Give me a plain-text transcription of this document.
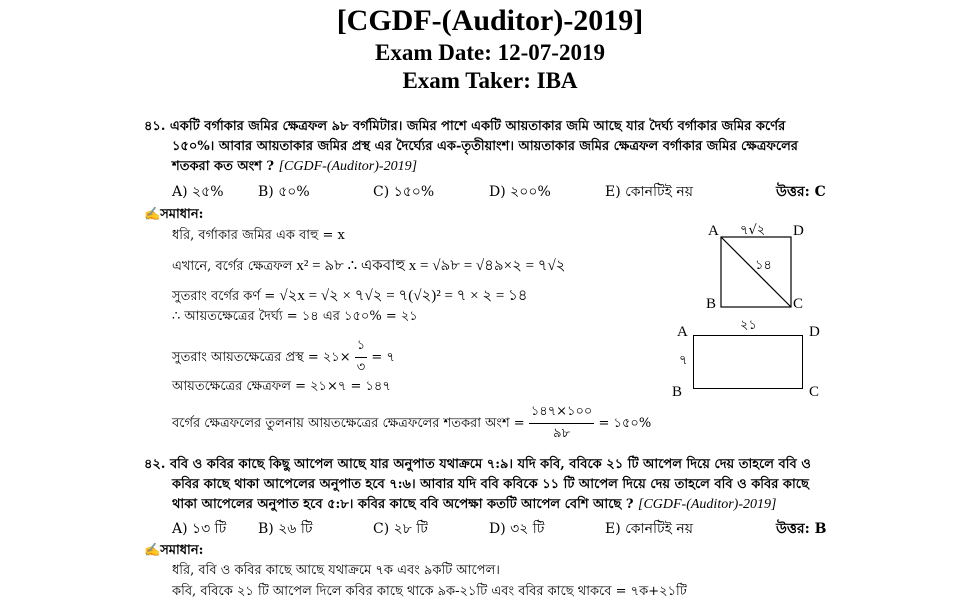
[CGDF-(Auditor)-2019]
Exam Date: 12-07-2019
Exam Taker: IBA
৪১. একটি বর্গাকার জমির ক্ষেত্রফল ৯৮ বর্গমিটার। জমির পাশে একটি আয়তাকার জমি আছে যার দৈর্ঘ্য বর্গাকার জমির কর্ণের
১৫০%। আবার আয়তাকার জমির প্রস্থ এর দৈর্ঘ্যের এক-তৃতীয়াংশ। আয়তাকার জমির ক্ষেত্রফল বর্গাকার জমির ক্ষেত্রফলের
শতকরা কত অংশ ? [CGDF-(Auditor)-2019]
A) ২৫% B) ৫০%	C) ১৫০%	D) ২০০%	E) কোনটিই নয়	উত্তর: C
✍সমাধান:
ধরি, বর্গাকার জমির এক বাহু = x
এখানে, বর্গের ক্ষেত্রফল x² = ৯৮ ∴ একবাহু x = √৯৮ = √৪৯×২ = ৭√২
সুতরাং বর্গের কর্ণ = √২x = √২ × ৭√২ = ৭(√২)² = ৭ × ২ = ১৪
∴ আয়তক্ষেত্রের দৈর্ঘ্য = ১৪ এর ১৫০% = ২১
সুতরাং আয়তক্ষেত্রের প্রস্থ = ২১× $\frac{১}{৩}$ = ৭
আয়তক্ষেত্রের ক্ষেত্রফল = ২১×৭ = ১৪৭
বর্গের ক্ষেত্রফলের তুলনায় আয়তক্ষেত্রের ক্ষেত্রফলের শতকরা অংশ = $\frac{১৪৭\times ১০০}{৯৮}$ = ১৫০%
A	D
B	C
৭√২
১৪
A	D
B	C
২১
৭
৪২. ববি ও কবির কাছে কিছু আপেল আছে যার অনুপাত যথাক্রমে ৭:৯। যদি কবি, ববিকে ২১ টি আপেল দিয়ে দেয় তাহলে ববি ও
কবির কাছে থাকা আপেলের অনুপাত হবে ৭:৬। আবার যদি ববি কবিকে ১১ টি আপেল দিয়ে দেয় তাহলে ববি ও কবির কাছে
থাকা আপেলের অনুপাত হবে ৫:৮। কবির কাছে ববি অপেক্ষা কতটি আপেল বেশি আছে ? [CGDF-(Auditor)-2019]
A) ১৩ টি B) ২৬ টি	C) ২৮ টি	D) ৩২ টি	E) কোনটিই নয়	উত্তর: B
✍সমাধান:
ধরি, ববি ও কবির কাছে আছে যথাক্রমে ৭ক এবং ৯কটি আপেল।
কবি, ববিকে ২১ টি আপেল দিলে কবির কাছে থাকে ৯ক-২১টি এবং ববির কাছে থাকবে = ৭ক+২১টি
